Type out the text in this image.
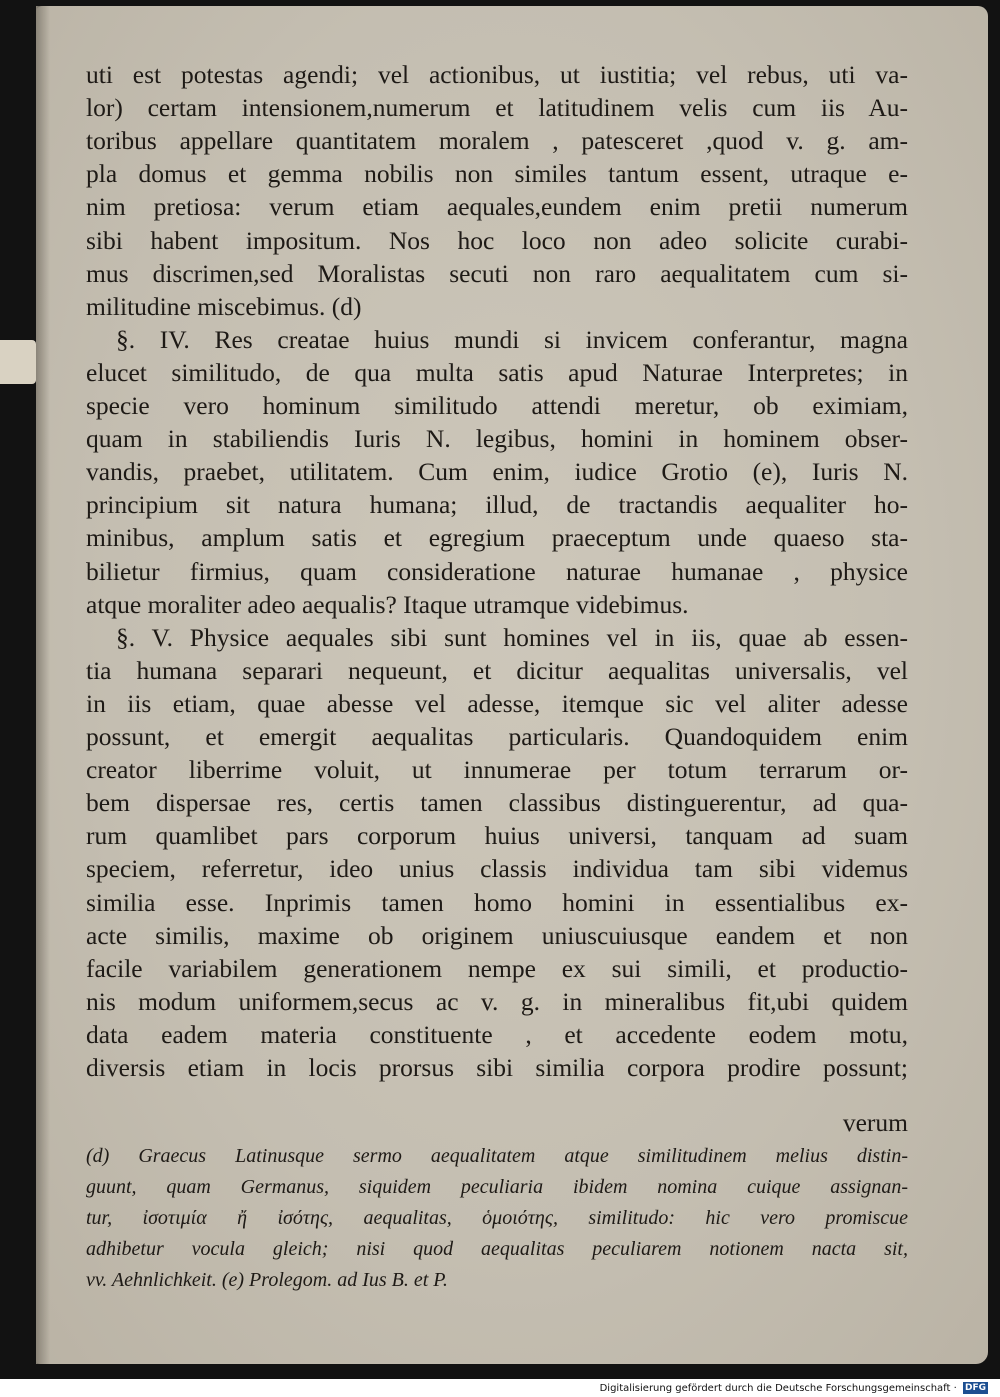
uti est potestas agendi; vel actionibus, ut iustitia; vel rebus, uti va-
lor) certam intensionem,numerum et latitudinem velis cum iis Au-
toribus appellare quantitatem moralem , patesceret ,quod v. g. am-
pla domus et gemma nobilis non similes tantum essent, utraque e-
nim pretiosa: verum etiam aequales,eundem enim pretii numerum
sibi habent impositum. Nos hoc loco non adeo solicite curabi-
mus discrimen,sed Moralistas secuti non raro aequalitatem cum si-
militudine miscebimus. (d)
§. IV. Res creatae huius mundi si invicem conferantur, magna
elucet similitudo, de qua multa satis apud Naturae Interpretes; in
specie vero hominum similitudo attendi meretur, ob eximiam,
quam in stabiliendis Iuris N. legibus, homini in hominem obser-
vandis, praebet, utilitatem. Cum enim, iudice Grotio (e), Iuris N.
principium sit natura humana; illud, de tractandis aequaliter ho-
minibus, amplum satis et egregium praeceptum unde quaeso sta-
bilietur firmius, quam consideratione naturae humanae , physice
atque moraliter adeo aequalis? Itaque utramque videbimus.
§. V. Physice aequales sibi sunt homines vel in iis, quae ab essen-
tia humana separari nequeunt, et dicitur aequalitas universalis, vel
in iis etiam, quae abesse vel adesse, itemque sic vel aliter adesse
possunt, et emergit aequalitas particularis. Quandoquidem enim
creator liberrime voluit, ut innumerae per totum terrarum or-
bem dispersae res, certis tamen classibus distinguerentur, ad qua-
rum quamlibet pars corporum huius universi, tanquam ad suam
speciem, referretur, ideo unius classis individua tam sibi videmus
similia esse. Inprimis tamen homo homini in essentialibus ex-
acte similis, maxime ob originem uniuscuiusque eandem et non
facile variabilem generationem nempe ex sui simili, et productio-
nis modum uniformem,secus ac v. g. in mineralibus fit,ubi quidem
data eadem materia constituente , et accedente eodem motu,
diversis etiam in locis prorsus sibi similia corpora prodire possunt;
verum
(d) Graecus Latinusque sermo aequalitatem atque similitudinem melius distin-
guunt, quam Germanus, siquidem peculiaria ibidem nomina cuique assignan-
tur, ἰσοτιμία ἤ ἰσότης, aequalitas, ὁμοιότης, similitudo: hic vero promiscue
adhibetur vocula gleich; nisi quod aequalitas peculiarem notionem nacta sit,
vv. Aehnlichkeit. (e) Prolegom. ad Ius B. et P.
Digitalisierung gefördert durch die Deutsche Forschungsgemeinschaft · DFG
